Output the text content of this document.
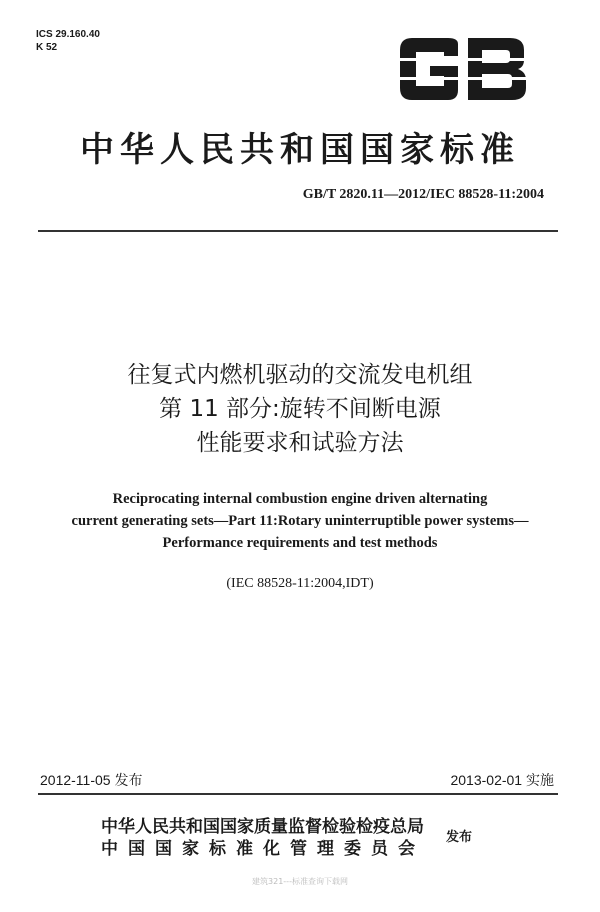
ICS 29.160.40
K 52
中华人民共和国国家标准
GB/T 2820.11—2012/IEC 88528-11:2004
往复式内燃机驱动的交流发电机组
第 11 部分:旋转不间断电源
性能要求和试验方法
Reciprocating internal combustion engine driven alternating
current generating sets—Part 11:Rotary uninterruptible power systems—
Performance requirements and test methods
(IEC 88528-11:2004,IDT)
2012-11-05 发布	2013-02-01 实施
中华人民共和国国家质量监督检验检疫总局
中国国家标准化管理委员会
发布
建筑321---标准查询下载网
